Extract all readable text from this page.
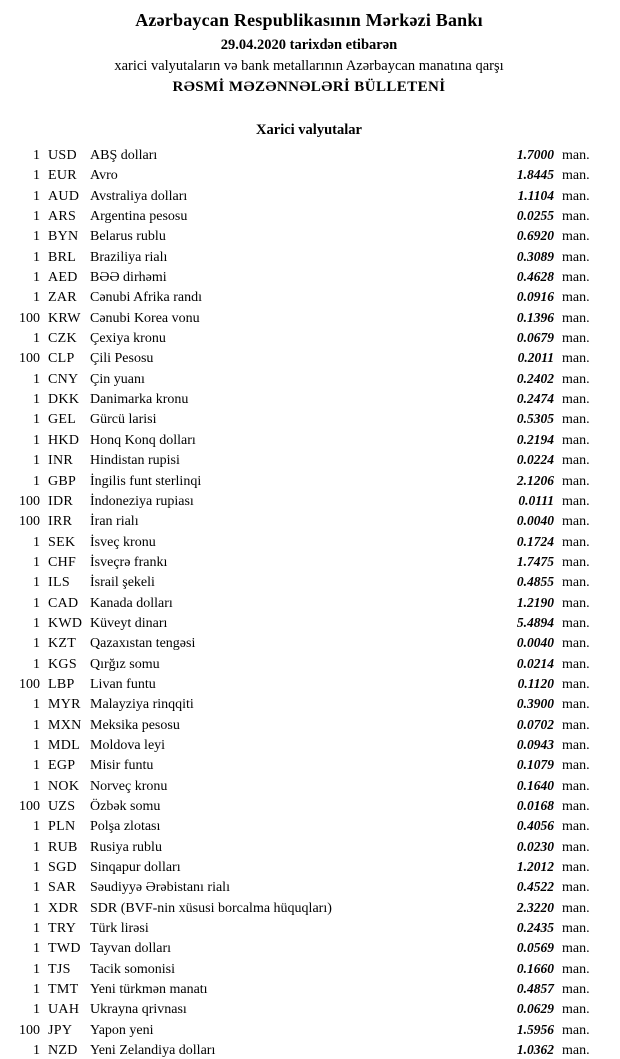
Azərbaycan Respublikasının Mərkəzi Bankı
29.04.2020 tarixdən etibarən
xarici valyutaların və bank metallarının Azərbaycan manatına qarşı
RƏSMİ MƏZƏNNƏLƏRİ BÜLLETENİ
Xarici valyutalar
1 USD ABŞ dolları	1.7000 man.
1 EUR Avro	1.8445 man.
1 AUD Avstraliya dolları	1.1104 man.
1 ARS Argentina pesosu	0.0255 man.
1 BYN Belarus rublu	0.6920 man.
1 BRL Braziliya rialı	0.3089 man.
1 AED BƏƏ dirhəmi	0.4628 man.
1 ZAR Cənubi Afrika randı	0.0916 man.
100 KRW Cənubi Korea vonu	0.1396 man.
1 CZK Çexiya kronu	0.0679 man.
100 CLP	Çili Pesosu	0.2011 man.
1 CNY Çin yuanı	0.2402 man.
1 DKK Danimarka kronu	0.2474 man.
1 GEL Gürcü larisi	0.5305 man.
1 HKD Honq Konq dolları	0.2194 man.
1 INR	Hindistan rupisi	0.0224 man.
1 GBP İngilis funt sterlinqi	2.1206 man.
100 IDR	İndoneziya rupiası	0.0111 man.
100 IRR	İran rialı	0.0040 man.
1 SEK	İsveç kronu	0.1724 man.
1 CHF İsveçrə frankı	1.7475 man.
1 ILS	İsrail şekeli	0.4855 man.
1 CAD Kanada dolları	1.2190 man.
1 KWD Küveyt dinarı	5.4894 man.
1 KZT Qazaxıstan tengəsi	0.0040 man.
1 KGS Qırğız somu	0.0214 man.
100 LBP	Livan funtu	0.1120 man.
1 MYR Malayziya rinqqiti	0.3900 man.
1 MXN Meksika pesosu	0.0702 man.
1 MDL Moldova leyi	0.0943 man.
1 EGP	Misir funtu	0.1079 man.
1 NOK Norveç kronu	0.1640 man.
100 UZS	Özbək somu	0.0168 man.
1 PLN	Polşa zlotası	0.4056 man.
1 RUB Rusiya rublu	0.0230 man.
1 SGD Sinqapur dolları	1.2012 man.
1 SAR Səudiyyə Ərəbistanı rialı	0.4522 man.
1 XDR SDR (BVF-nin xüsusi borcalma hüquqları)	2.3220 man.
1 TRY Türk lirəsi	0.2435 man.
1 TWD Tayvan dolları	0.0569 man.
1 TJS	Tacik somonisi	0.1660 man.
1 TMT Yeni türkmən manatı	0.4857 man.
1 UAH Ukrayna qrivnası	0.0629 man.
100 JPY	Yapon yeni	1.5956 man.
1 NZD Yeni Zelandiya dolları	1.0362 man.
